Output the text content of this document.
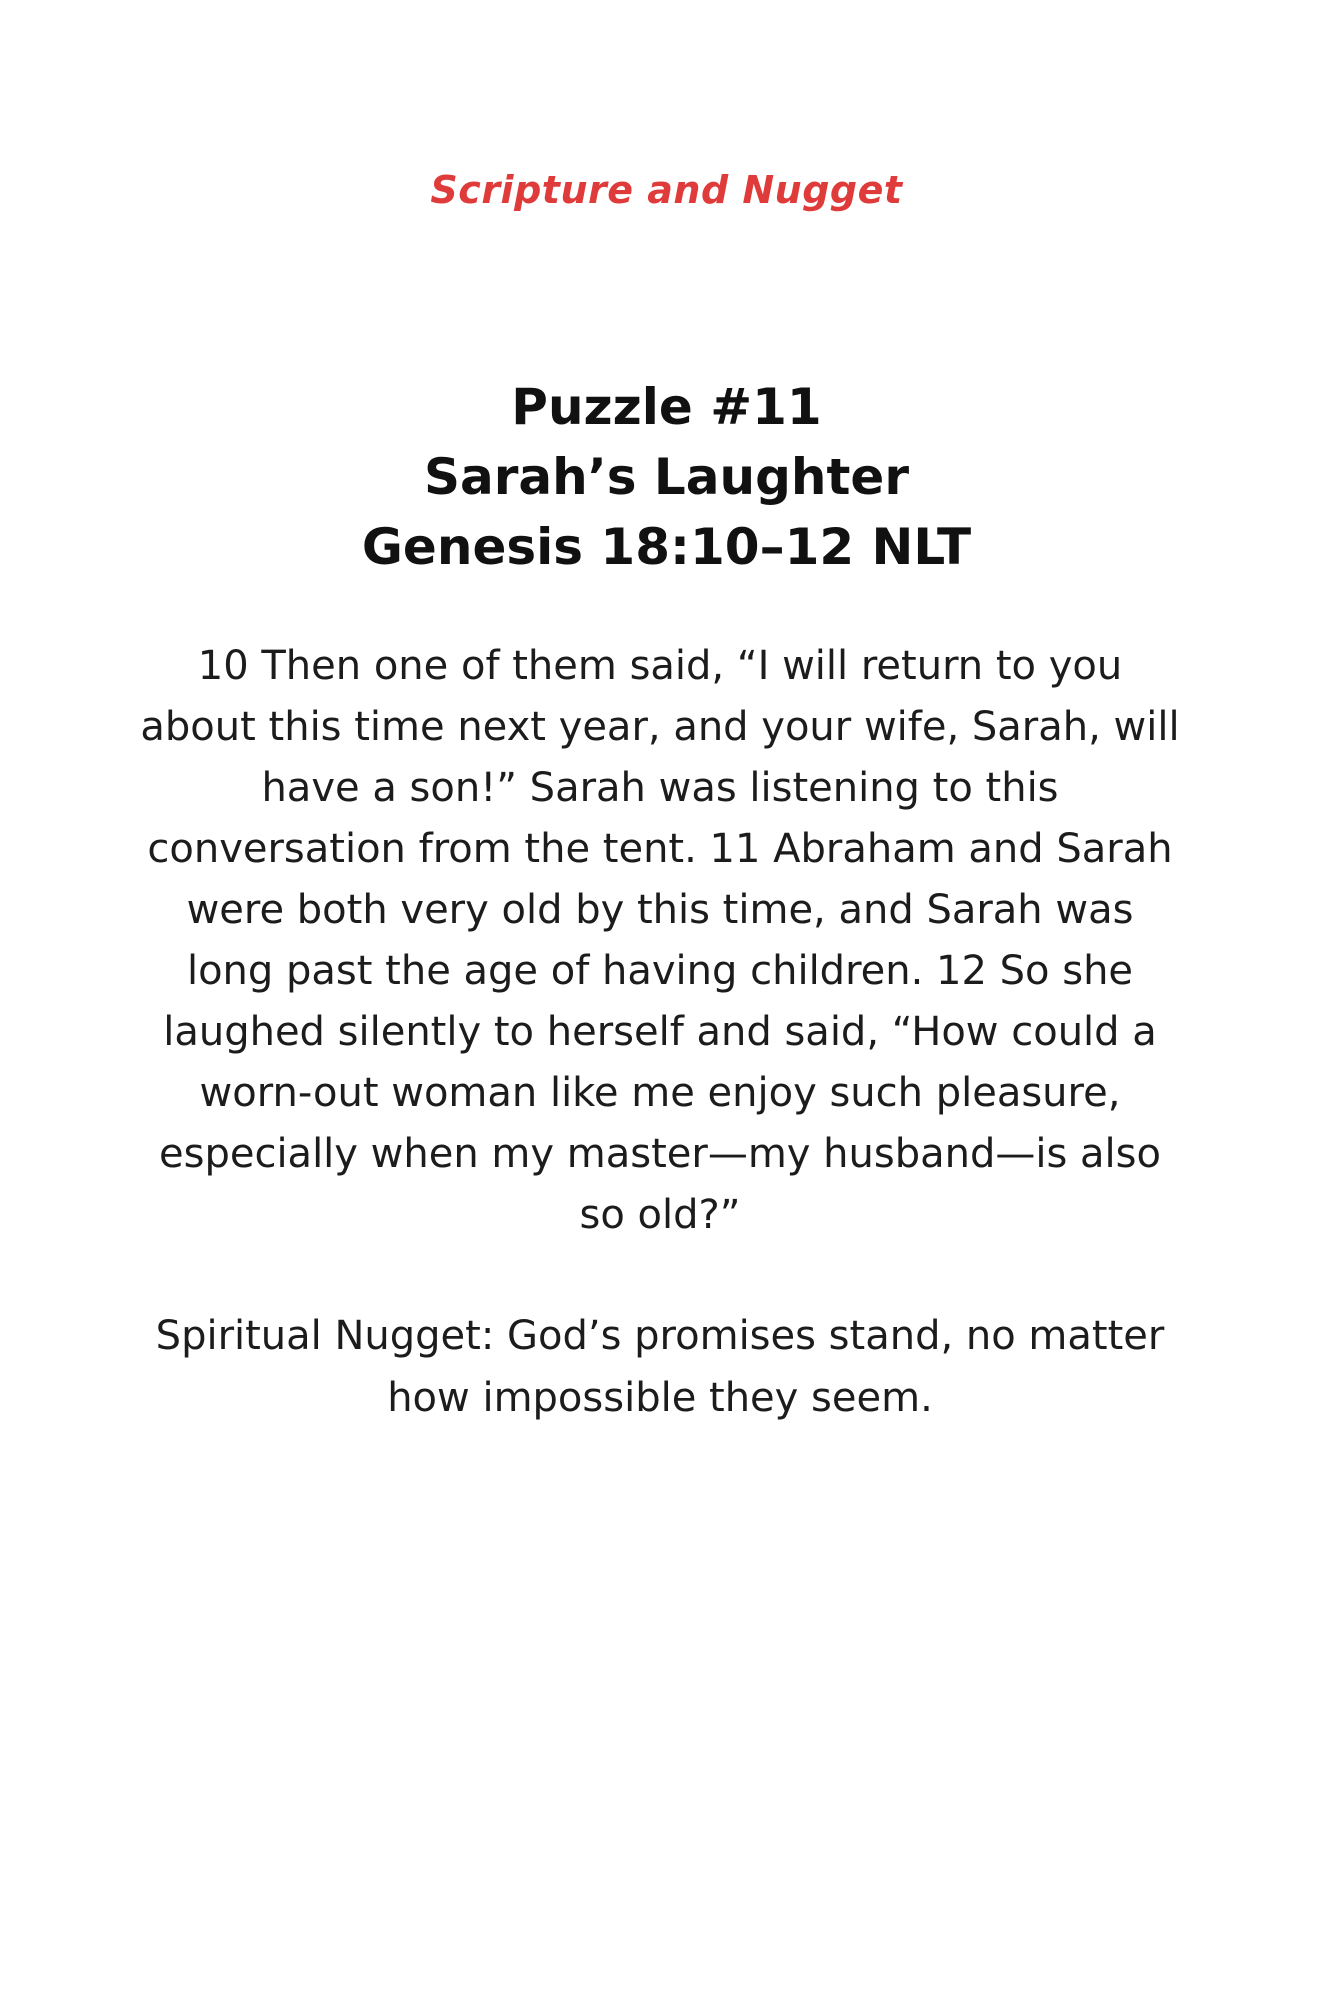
Scripture and Nugget
Puzzle #11
Sarah’s Laughter
Genesis 18:10–12 NLT
10 Then one of them said, “I will return to you about this time next year, and your wife, Sarah, will have a son!” Sarah was listening to this conversation from the tent. 11 Abraham and Sarah were both very old by this time, and Sarah was long past the age of having children. 12 So she laughed silently to herself and said, “How could a worn-out woman like me enjoy such pleasure, especially when my master—my husband—is also so old?”
Spiritual Nugget: God’s promises stand, no matter how impossible they seem.
